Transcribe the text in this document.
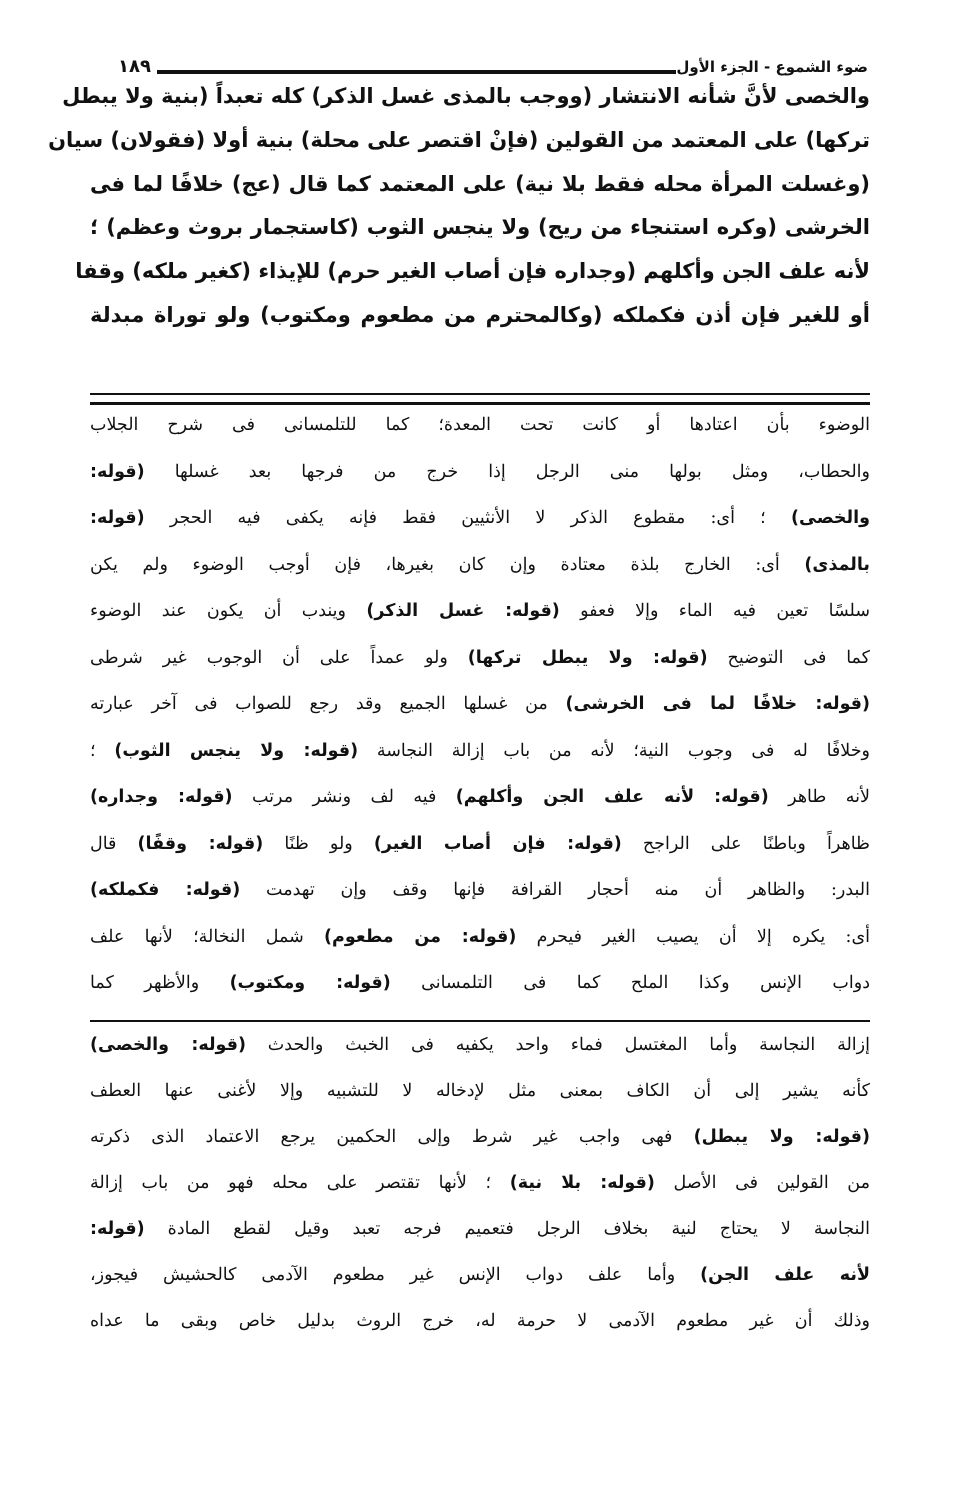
ضوء الشموع - الجزء الأول
١٨٩
والخصى لأنَّ شأنه الانتشار (ووجب بالمذى غسل الذكر) كله تعبداً (بنية ولا يبطل
تركها) على المعتمد من القولين (فإنْ اقتصر على محلة) بنية أولا (فقولان) سيان
(وغسلت المرأة محله فقط بلا نية) على المعتمد كما قال (عج) خلافًا لما فى
الخرشى (وكره استنجاء من ريح) ولا ينجس الثوب (كاستجمار بروث وعظم) ؛
لأنه علف الجن وأكلهم (وجداره فإن أصاب الغير حرم) للإيذاء (كغير ملكه) وقفا
أو للغير فإن أذن فكملكه (وكالمحترم من مطعوم ومكتوب) ولو توراة مبدلة
الوضوء بأن اعتادها أو كانت تحت المعدة؛ كما للتلمسانى فى شرح الجلاب
والحطاب، ومثل بولها منى الرجل إذا خرج من فرجها بعد غسلها (قوله:
والخصى) ؛ أى: مقطوع الذكر لا الأنثيين فقط فإنه يكفى فيه الحجر (قوله:
بالمذى) أى: الخارج بلذة معتادة وإن كان بغيرها، فإن أوجب الوضوء ولم يكن
سلسًا تعين فيه الماء وإلا فعفو (قوله: غسل الذكر) ويندب أن يكون عند الوضوء
كما فى التوضيح (قوله: ولا يبطل تركها) ولو عمداً على أن الوجوب غير شرطى
(قوله: خلافًا لما فى الخرشى) من غسلها الجميع وقد رجع للصواب فى آخر عبارته
وخلافًا له فى وجوب النية؛ لأنه من باب إزالة النجاسة (قوله: ولا ينجس الثوب) ؛
لأنه طاهر (قوله: لأنه علف الجن وأكلهم) فيه لف ونشر مرتب (قوله: وجداره)
ظاهراً وباطنًا على الراجح (قوله: فإن أصاب الغير) ولو ظنًا (قوله: وقفًا) قال
البدر: والظاهر أن منه أحجار القرافة فإنها وقف وإن تهدمت (قوله: فكملكه)
أى: يكره إلا أن يصيب الغير فيحرم (قوله: من مطعوم) شمل النخالة؛ لأنها علف
دواب الإنس وكذا الملح كما فى التلمسانى (قوله: ومكتوب) والأظهر كما
إزالة النجاسة وأما المغتسل فماء واحد يكفيه فى الخبث والحدث (قوله: والخصى)
كأنه يشير إلى أن الكاف بمعنى مثل لإدخاله لا للتشبيه وإلا لأغنى عنها العطف
(قوله: ولا يبطل) فهى واجب غير شرط وإلى الحكمين يرجع الاعتماد الذى ذكرته
من القولين فى الأصل (قوله: بلا نية) ؛ لأنها تقتصر على محله فهو من باب إزالة
النجاسة لا يحتاج لنية بخلاف الرجل فتعميم فرجه تعبد وقيل لقطع المادة (قوله:
لأنه علف الجن) وأما علف دواب الإنس غير مطعوم الآدمى كالحشيش فيجوز،
وذلك أن غير مطعوم الآدمى لا حرمة له، خرج الروث بدليل خاص وبقى ما عداه
